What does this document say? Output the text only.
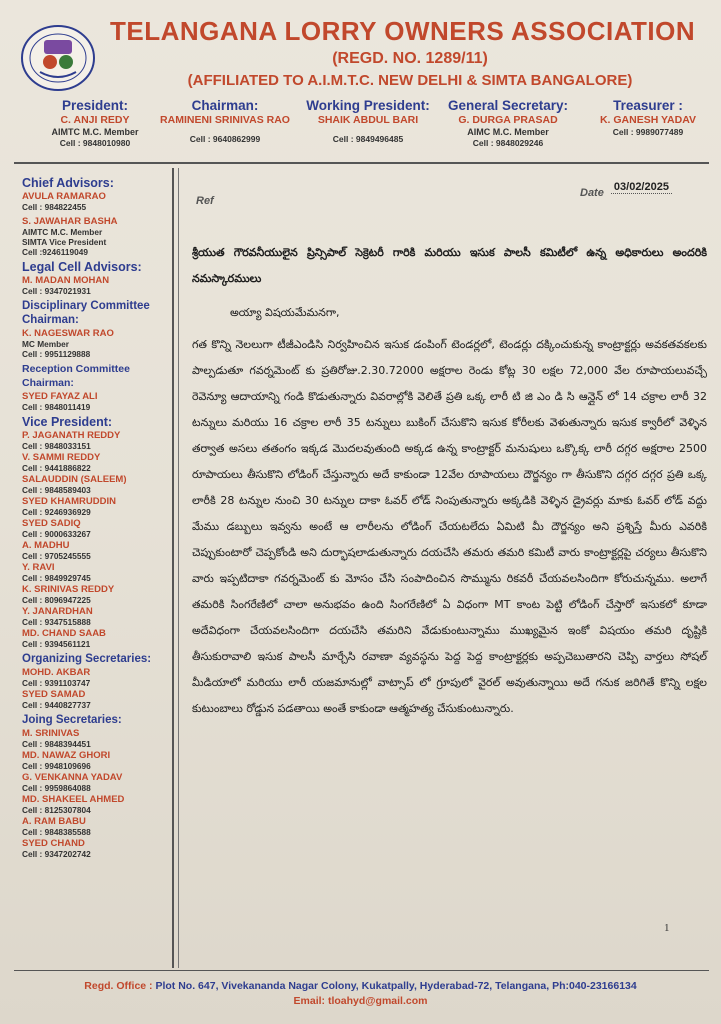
TELANGANA LORRY OWNERS ASSOCIATION
(REGD. NO. 1289/11)
(AFFILIATED TO A.I.M.T.C. NEW DELHI & SIMTA BANGALORE)
President:
C. ANJI REDY
AIMTC M.C. Member
Cell : 9848010980
Chairman:
RAMINENI SRINIVAS RAO
Cell : 9640862999
Working President:
SHAIK ABDUL BARI
Cell : 9849496485
General Secretary:
G. DURGA PRASAD
AIMC M.C. Member
Cell : 9848029246
Treasurer :
K. GANESH YADAV
Cell : 9989077489
Chief Advisors:
AVULA RAMARAO
Cell : 984822455
S. JAWAHAR BASHA
AIMTC M.C. Member
SIMTA Vice President
Cell :9246119049
Legal Cell Advisors:
M. MADAN MOHAN
Cell : 9347021931
Disciplinary Committee Chairman:
K. NAGESWAR RAO
MC Member
Cell : 9951129888
Reception Committee Chairman:
SYED FAYAZ ALI
Cell : 9848011419
Vice President:
P. JAGANATH REDDY
Cell : 9848033151
V. SAMMI REDDY
Cell : 9441886822
SALAUDDIN (SALEEM)
Cell : 9848589403
SYED KHAMRUDDIN
Cell : 9246936929
SYED SADIQ
Cell : 9000633267
A. MADHU
Cell : 9705245555
Y. RAVI
Cell : 9849929745
K. SRINIVAS REDDY
Cell : 8096947225
Y. JANARDHAN
Cell : 9347515888
MD. CHAND SAAB
Cell : 9394561121
Organizing Secretaries:
MOHD. AKBAR
Cell : 9391103747
SYED SAMAD
Cell : 9440827737
Joing Secretaries:
M. SRINIVAS
Cell : 9848394451
MD. NAWAZ GHORI
Cell : 9948109696
G. VENKANNA YADAV
Cell : 9959864088
MD. SHAKEEL AHMED
Cell : 8125307804
A. RAM BABU
Cell : 9848385588
SYED CHAND
Cell : 9347202742
Ref
Date 03/02/2025
శ్రీయుత గౌరవనీయులైన ప్రిన్సిపాల్ సెక్రెటరీ గారికి మరియు ఇసుక పాలసీ కమిటీలో ఉన్న అధికారులు అందరికి నమస్కారములు
అయ్యా విషయమేమనగా,
గత కొన్ని నెలలుగా టీజీఎండిసి నిర్వహించిన ఇసుక డంపింగ్ టెండర్లలో, టెండర్లు దక్కించుకున్న కాంట్రాక్టర్లు అవకతవకలకు పాల్పడుతూ గవర్నమెంట్ కు ప్రతిరోజు.2.30.72000 అక్షరాల రెండు కోట్ల 30 లక్షల 72,000 వేల రూపాయలువచ్చే రెవెన్యూ ఆదాయాన్ని గండి కొడుతున్నారు వివరాల్లోకి వెలితే ప్రతి ఒక్క లారీ టి జి ఎం డి సి ఆన్లైన్ లో 14 చక్రాల లారీ 32 టన్నులు మరియు 16 చక్రాల లారీ 35 టన్నులు బుకింగ్ చేసుకొని ఇసుక కోరీలకు వెళుతున్నారు ఇసుక క్వారీలో వెళ్ళిన తర్వాత అసలు తతంగం ఇక్కడ మొదలవుతుంది అక్కడ ఉన్న కాంట్రాక్టర్ మనుషులు ఒక్కొక్క లారీ దగ్గర అక్షరాల 2500 రూపాయలు తీసుకొని లోడింగ్ చేస్తున్నారు అదే కాకుండా 12వేల రూపాయలు దౌర్జన్యం గా తీసుకొని దగ్గర దగ్గర ప్రతి ఒక్క లారీకి 28 టన్నుల నుంచి 30 టన్నుల దాకా ఓవర్ లోడ్ నింపుతున్నారు అక్కడికి వెళ్ళిన డ్రైవర్లు మాకు ఓవర్ లోడ్ వద్దు మేము డబ్బులు ఇవ్వను అంటే ఆ లారీలను లోడింగ్ చేయటలేదు ఏమిటి మీ దౌర్జన్యం అని ప్రశ్నిస్తే మీరు ఎవరికి చెప్పుకుంటారో చెప్పకోండి అని దుర్భాషలాడుతున్నారు దయచేసి తమరు తమరి కమిటీ వారు కాంట్రాక్టర్లపై చర్యలు తీసుకొని వారు ఇప్పటిదాకా గవర్నమెంట్ కు మోసం చేసి సంపాదించిన సొమ్మును రికవరీ చేయవలసిందిగా కోరుచున్నము. అలాగే తమరికి సింగరేణిలో చాలా అనుభవం ఉంది సింగరేణిలో ఏ విధంగా MT కాంట పెట్టి లోడింగ్ చేస్తారో ఇసుకలో కూడా అదేవిధంగా చేయవలసిందిగా దయచేసి తమరిని వేడుకుంటున్నాము ముఖ్యమైన ఇంకో విషయం తమరి దృష్టికి తీసుకురావాలి ఇసుక పాలసీ మార్చేసి రవాణా వ్యవస్థను పెద్ద పెద్ద కాంట్రాక్టర్లకు అప్పచెబుతారని చెప్పి వార్తలు సోషల్ మీడియాలో మరియు లారీ యజమానుల్లో వాట్సాప్ లో గ్రూపులో వైరల్ అవుతున్నాయి అదే గనుక జరిగితే కొన్ని లక్షల కుటుంబాలు రోడ్డున పడతాయి అంతే కాకుండా ఆత్మహత్య చేసుకుంటున్నారు.
1
Regd. Office : Plot No. 647, Vivekananda Nagar Colony, Kukatpally, Hyderabad-72, Telangana, Ph:040-23166134
Email: tloahyd@gmail.com
